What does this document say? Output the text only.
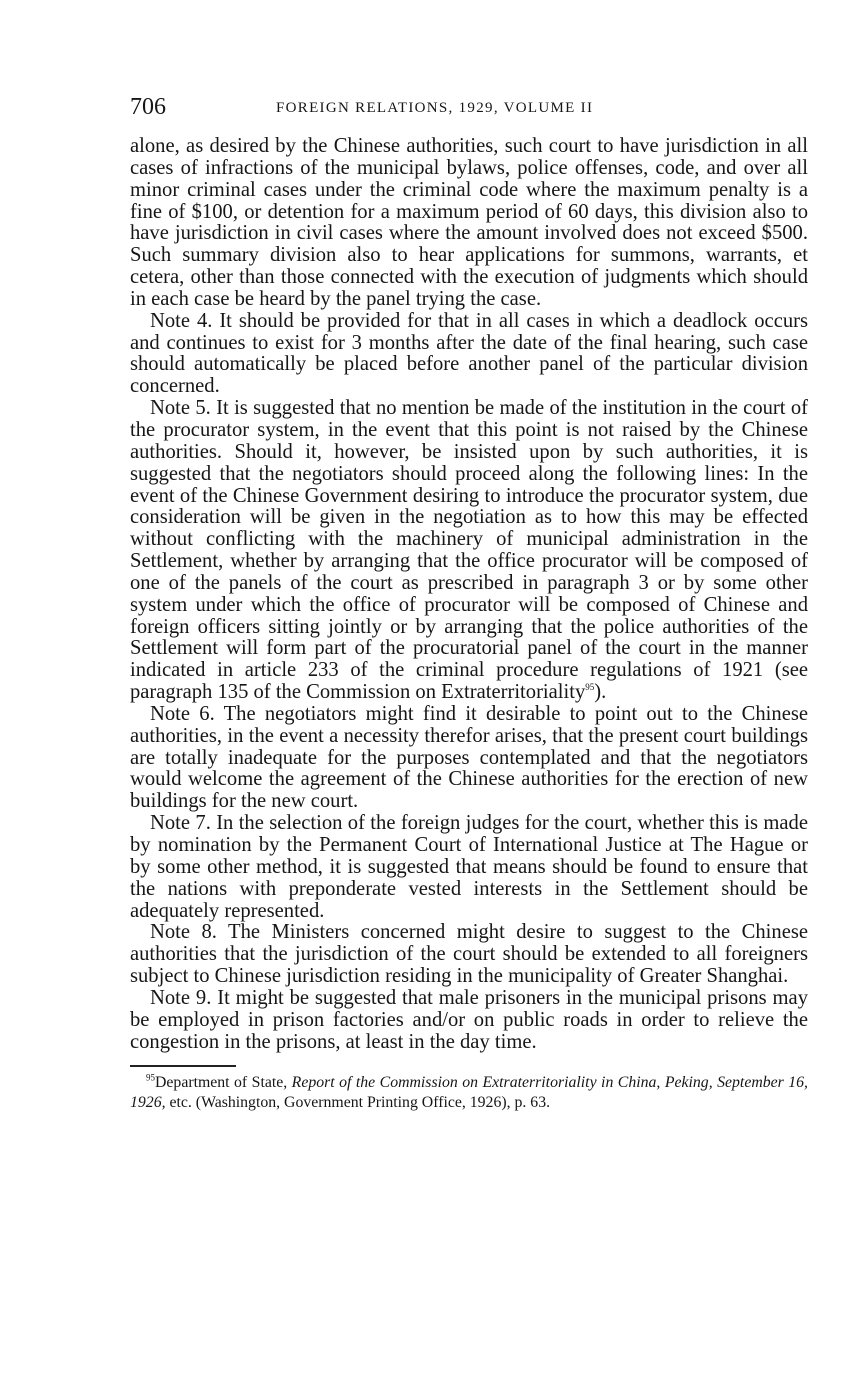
706	FOREIGN RELATIONS, 1929, VOLUME II

alone, as desired by the Chinese authorities, such court to have jurisdiction in all cases of infractions of the municipal bylaws, police offenses, code, and over all minor criminal cases under the criminal code where the maximum penalty is a fine of $100, or detention for a maximum period of 60 days, this division also to have jurisdiction in civil cases where the amount involved does not exceed $500. Such summary division also to hear applications for summons, warrants, et cetera, other than those connected with the execution of judgments which should in each case be heard by the panel trying the case.

Note 4. It should be provided for that in all cases in which a deadlock occurs and continues to exist for 3 months after the date of the final hearing, such case should automatically be placed before another panel of the particular division concerned.

Note 5. It is suggested that no mention be made of the institution in the court of the procurator system, in the event that this point is not raised by the Chinese authorities. Should it, however, be insisted upon by such authorities, it is suggested that the negotiators should proceed along the following lines: In the event of the Chinese Government desiring to introduce the procurator system, due consideration will be given in the negotiation as to how this may be effected without conflicting with the machinery of municipal administration in the Settlement, whether by arranging that the office procurator will be composed of one of the panels of the court as prescribed in paragraph 3 or by some other system under which the office of procurator will be composed of Chinese and foreign officers sitting jointly or by arranging that the police authorities of the Settlement will form part of the procuratorial panel of the court in the manner indicated in article 233 of the criminal procedure regulations of 1921 (see paragraph 135 of the Commission on Extraterritoriality$^{95}$).

Note 6. The negotiators might find it desirable to point out to the Chinese authorities, in the event a necessity therefor arises, that the present court buildings are totally inadequate for the purposes contemplated and that the negotiators would welcome the agreement of the Chinese authorities for the erection of new buildings for the new court.

Note 7. In the selection of the foreign judges for the court, whether this is made by nomination by the Permanent Court of International Justice at The Hague or by some other method, it is suggested that means should be found to ensure that the nations with preponderate vested interests in the Settlement should be adequately represented.

Note 8. The Ministers concerned might desire to suggest to the Chinese authorities that the jurisdiction of the court should be extended to all foreigners subject to Chinese jurisdiction residing in the municipality of Greater Shanghai.

Note 9. It might be suggested that male prisoners in the municipal prisons may be employed in prison factories and/or on public roads in order to relieve the congestion in the prisons, at least in the day time.

$^{95}$Department of State, Report of the Commission on Extraterritoriality in China, Peking, September 16, 1926, etc. (Washington, Government Printing Office, 1926), p. 63.
